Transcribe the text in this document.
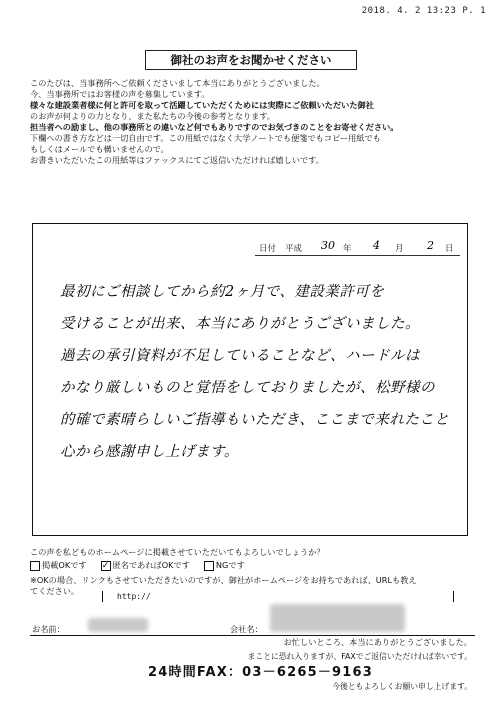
2018. 4. 2 13:23 P. 1
御社のお声をお聞かせください

このたびは、当事務所へご依頼くださいまして本当にありがとうございました。

今、当事務所ではお客様の声を募集しています。

様々な建設業者様に何と許可を取って活躍していただくためには実際にご依頼いただいた御社

のお声が何よりの力となり、また私たちの今後の参考となります。

担当者への励まし、他の事務所との違いなど何でもありですのでお気づきのことをお寄せください。

下欄への書き方などは一切自由です。この用紙ではなく大学ノートでも便箋でもコピー用紙でも

もしくはメールでも構いませんので。

お書きいただいたこの用紙等はファックスにてご返信いただければ嬉しいです。

日付 平成 30 年 4 月 2 日
最初にご相談してから約2ヶ月で、建設業許可を
受けることが出来、本当にありがとうございました。
過去の承引資料が不足していることなど、ハードルは
かなり厳しいものと覚悟をしておりましたが、松野様の
的確で素晴らしいご指導もいただき、ここまで来れたこと
心から感謝申し上げます。
この声を私どものホームページに掲載させていただいてもよろしいでしょうか？
掲載OKです ✓ 匿名であればOKです	NGです

※OKの場合、リンクもさせていただきたいのですが、御社がホームページをお持ちであれば、URLも教え

てください。

http://
お名前：	会社名：
お忙しいところ、本当にありがとうございました。
まことに恐れ入りますが、FAXでご返信いただければ幸いです。
24時間FAX：03－6265－9163
今後ともよろしくお願い申し上げます。
